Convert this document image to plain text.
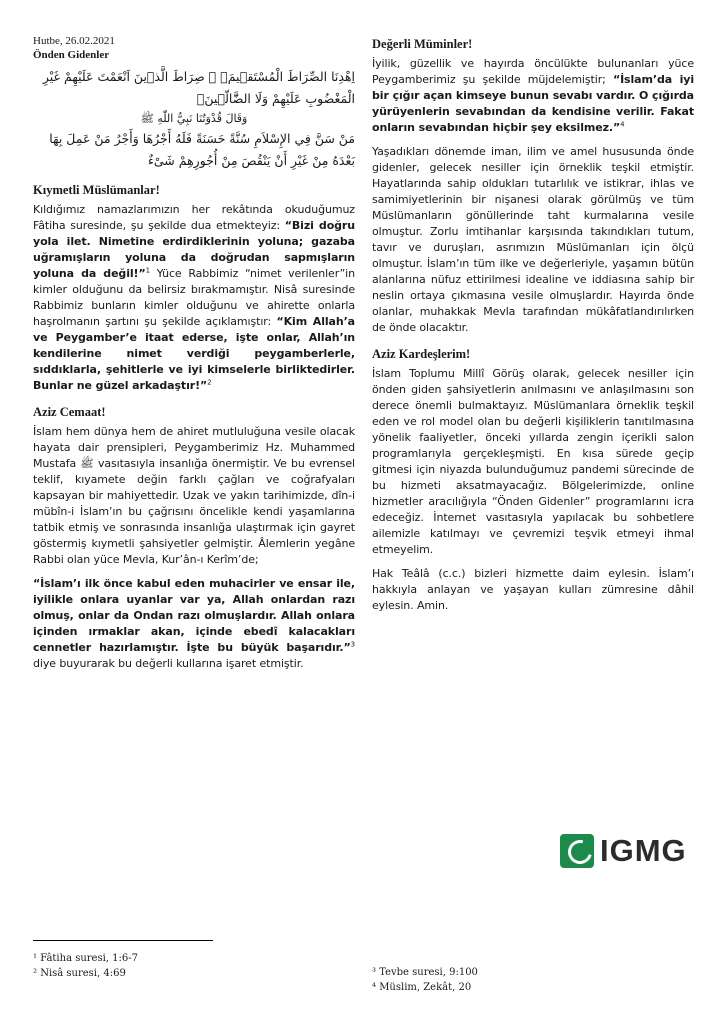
Hutbe, 26.02.2021
Önden Gidenler
اِهْدِنَا الصِّرَاطَ الْمُسْتَق۪يمَۙ ۞ صِرَاطَ الَّذ۪ينَ اَنْعَمْتَ عَلَيْهِمْ غَيْرِ الْمَغْضُوبِ عَلَيْهِمْ وَلَا الضَّٓالّ۪ينَ۟
وَقَالَ قُدْوَتُنَا نَبِيُّ اللّٰهِ ﷺ
مَنْ سَنَّ فِي الإِسْلاَمِ سُنَّةً حَسَنَةً فَلَهُ أَجْرُهَا وَأَجْرُ مَنْ عَمِلَ بِهَا بَعْدَهُ مِنْ غَيْرِ أَنْ يَنْقُصَ مِنْ أُجُورِهِمْ شَىْءٌ
Kıymetli Müslümanlar!

Kıldığımız namazlarımızın her rekâtında okuduğumuz Fâtiha suresinde, şu şekilde dua etmekteyiz: “Bizi doğru yola ilet. Nimetine erdirdiklerinin yoluna; gazaba uğramışların yoluna da doğrudan sapmışların yoluna da değil!”$^1$ Yüce Rabbimiz “nimet verilenler”in kimler olduğunu da belirsiz bırakmamıştır. Nisâ suresinde Rabbimiz bunların kimler olduğunu ve ahirette onlarla haşrolmanın şartını şu şekilde açıklamıştır: “Kim Allah’a ve Peygamber’e itaat ederse, işte onlar, Allah’ın kendilerine nimet verdiği peygamberlerle, sıddıklarla, şehitlerle ve iyi kimselerle birliktedirler. Bunlar ne güzel arkadaştır!”$^2$

Aziz Cemaat!

İslam hem dünya hem de ahiret mutluluğuna vesile olacak hayata dair prensipleri, Peygamberimiz Hz. Muhammed Mustafa ﷺ vasıtasıyla insanlığa önermiştir. Ve bu evrensel teklif, kıyamete değin farklı çağları ve coğrafyaları kapsayan bir mahiyettedir. Uzak ve yakın tarihimizde, dîn-i mübîn-i İslam’ın bu çağrısını öncelikle kendi yaşamlarına tatbik etmiş ve sonrasında insanlığa ulaştırmak için gayret göstermiş kıymetli şahsiyetler gelmiştir. Âlemlerin yegâne Rabbi olan yüce Mevla, Kur’ân-ı Kerîm’de;

“İslam’ı ilk önce kabul eden muhacirler ve ensar ile, iyilikle onlara uyanlar var ya, Allah onlardan razı olmuş, onlar da Ondan razı olmuşlardır. Allah onlara içinden ırmaklar akan, içinde ebedî kalacakları cennetler hazırlamıştır. İşte bu büyük başarıdır.”$^3$ diye buyurarak bu değerli kullarına işaret etmiştir.

Değerli Müminler!

İyilik, güzellik ve hayırda öncülükte bulunanları yüce Peygamberimiz şu şekilde müjdelemiştir; “İslam’da iyi bir çığır açan kimseye bunun sevabı vardır. O çığırda yürüyenlerin sevabından da kendisine verilir. Fakat onların sevabından hiçbir şey eksilmez.”$^4$

Yaşadıkları dönemde iman, ilim ve amel hususunda önde gidenler, gelecek nesiller için örneklik teşkil etmiştir. Hayatlarında sahip oldukları tutarlılık ve istikrar, ihlas ve samimiyetlerinin bir nişanesi olarak görülmüş ve tüm Müslümanların gönüllerinde taht kurmalarına vesile olmuştur. Zorlu imtihanlar karşısında takındıkları tutum, tavır ve duruşları, asrımızın Müslümanları için ölçü olmuştur. İslam’ın tüm ilke ve değerleriyle, yaşamın bütün alanlarına nüfuz ettirilmesi idealine ve iddiasına sahip bir neslin ortaya çıkmasına vesile olmuşlardır. Hayırda önde olanlar, muhakkak Mevla tarafından mükâfatlandırılırken de önde olacaktır.

Aziz Kardeşlerim!

İslam Toplumu Millî Görüş olarak, gelecek nesiller için önden giden şahsiyetlerin anılmasını ve anlaşılmasını son derece önemli bulmaktayız. Müslümanlara örneklik teşkil eden ve rol model olan bu değerli kişiliklerin tanıtılmasına yönelik faaliyetler, önceki yıllarda zengin içerikli salon programlarıyla gerçekleşmişti. En kısa sürede geçip gitmesi için niyazda bulunduğumuz pandemi sürecinde de bu hizmeti aksatmayacağız. Bölgelerimizde, online hizmetler aracılığıyla “Önden Gidenler” programlarını icra edeceğiz. İnternet vasıtasıyla yapılacak bu sohbetlere ailemizle katılmayı ve çevremizi teşvik etmeyi ihmal etmeyelim.

Hak Teâlâ (c.c.) bizleri hizmette daim eylesin. İslam’ı hakkıyla anlayan ve yaşayan kulları zümresine dâhil eylesin. Amin.

IGMG
¹ Fâtiha suresi, 1:6-7
² Nisâ suresi, 4:69	³ Tevbe suresi, 9:100
⁴ Müslim, Zekât, 20
